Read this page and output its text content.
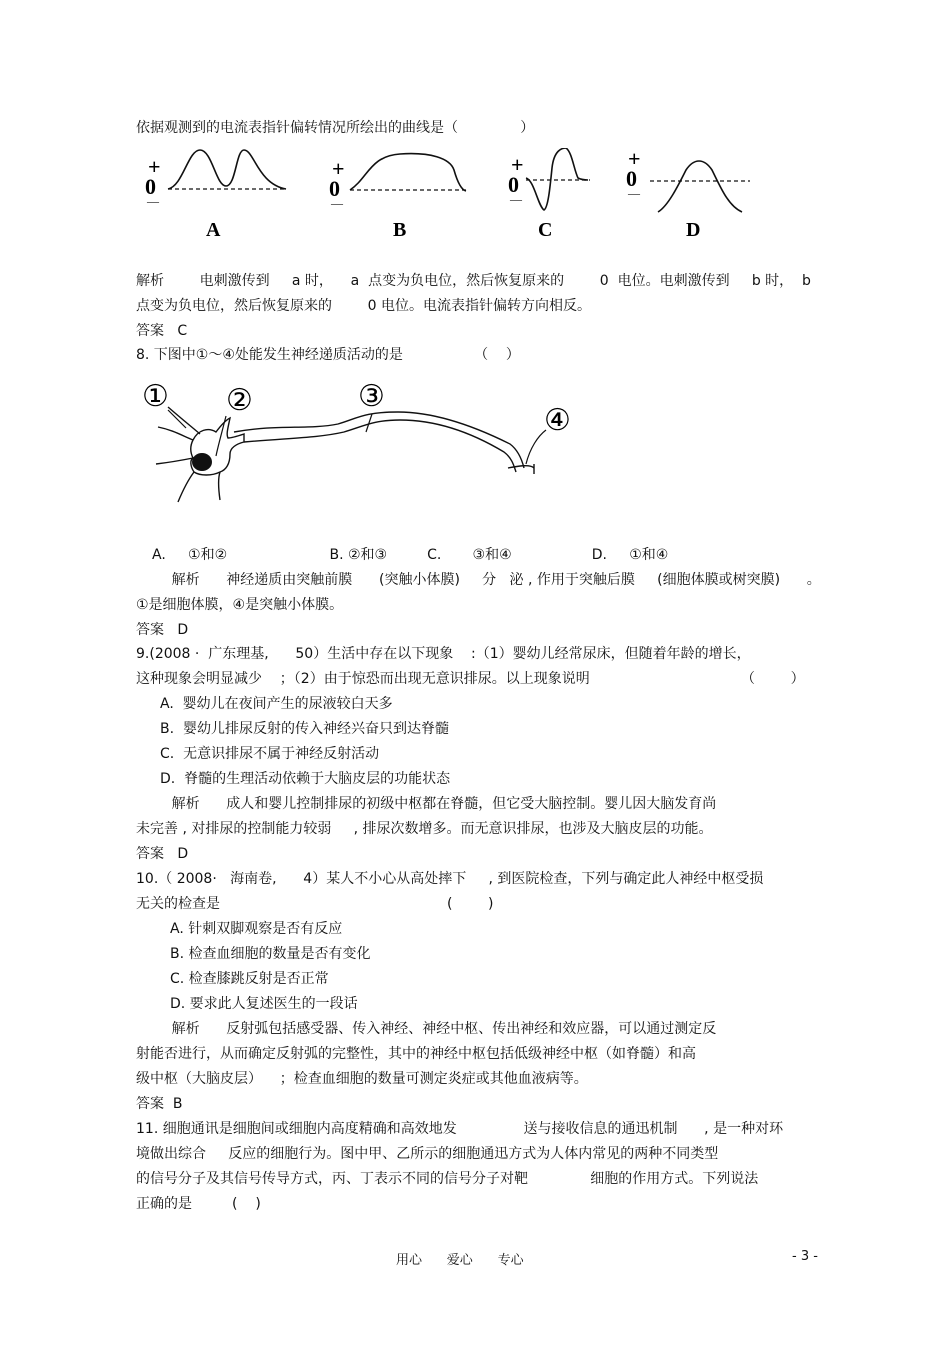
依据观测到的电流表指针偏转情况所绘出的曲线是（              ）
+
0
—
A
+
0
—
B
+
0
—
C
+
0
—
D
解析        电刺激传到     a 时，    a  点变为负电位，然后恢复原来的        0  电位。电刺激传到     b 时，  b
点变为负电位，然后恢复原来的        0 电位。电流表指针偏转方向相反。
答案   C
8. 下图中①～④处能发生神经递质活动的是                （    ）
① ②	③
④
A.     ①和②                       B. ②和③         C.       ③和④                  D.     ①和④
解析      神经递质由突触前膜      (突触小体膜)     分   泌 , 作用于突触后膜     (细胞体膜或树突膜)      。
①是细胞体膜，④是突触小体膜。
答案   D
9.(2008 ·  广东理基,      50）生活中存在以下现象    :（1）婴幼儿经常尿床，但随着年龄的增长，
这种现象会明显减少    ；（2）由于惊恐而出现无意识排尿。以上现象说明                                  （        ）
A.  婴幼儿在夜间产生的尿液较白天多
B.  婴幼儿排尿反射的传入神经兴奋只到达脊髓
C.  无意识排尿不属于神经反射活动
D.  脊髓的生理活动依赖于大脑皮层的功能状态
解析      成人和婴儿控制排尿的初级中枢都在脊髓，但它受大脑控制。婴儿因大脑发育尚
未完善 , 对排尿的控制能力较弱     , 排尿次数增多。而无意识排尿，也涉及大脑皮层的功能。
答案   D
10.（ 2008·   海南卷,      4）某人不小心从高处摔下     , 到医院检查，下列与确定此人神经中枢受损
无关的检查是                                                   (        )
A. 针刺双脚观察是否有反应
B. 检查血细胞的数量是否有变化
C. 检查膝跳反射是否正常
D. 要求此人复述医生的一段话
解析      反射弧包括感受器、传入神经、神经中枢、传出神经和效应器，可以通过测定反
射能否进行，从而确定反射弧的完整性，其中的神经中枢包括低级神经中枢（如脊髓）和高
级中枢（大脑皮层）    ；检查血细胞的数量可测定炎症或其他血液病等。
答案  B
11. 细胞通讯是细胞间或细胞内高度精确和高效地发               送与接收信息的通迅机制      , 是一种对环
境做出综合     反应的细胞行为。图中甲、乙所示的细胞通迅方式为人体内常见的两种不同类型
的信号分子及其信号传导方式，丙、丁表示不同的信号分子对靶              细胞的作用方式。下列说法
正确的是         (    )
用心      爱心      专心	- 3 -
